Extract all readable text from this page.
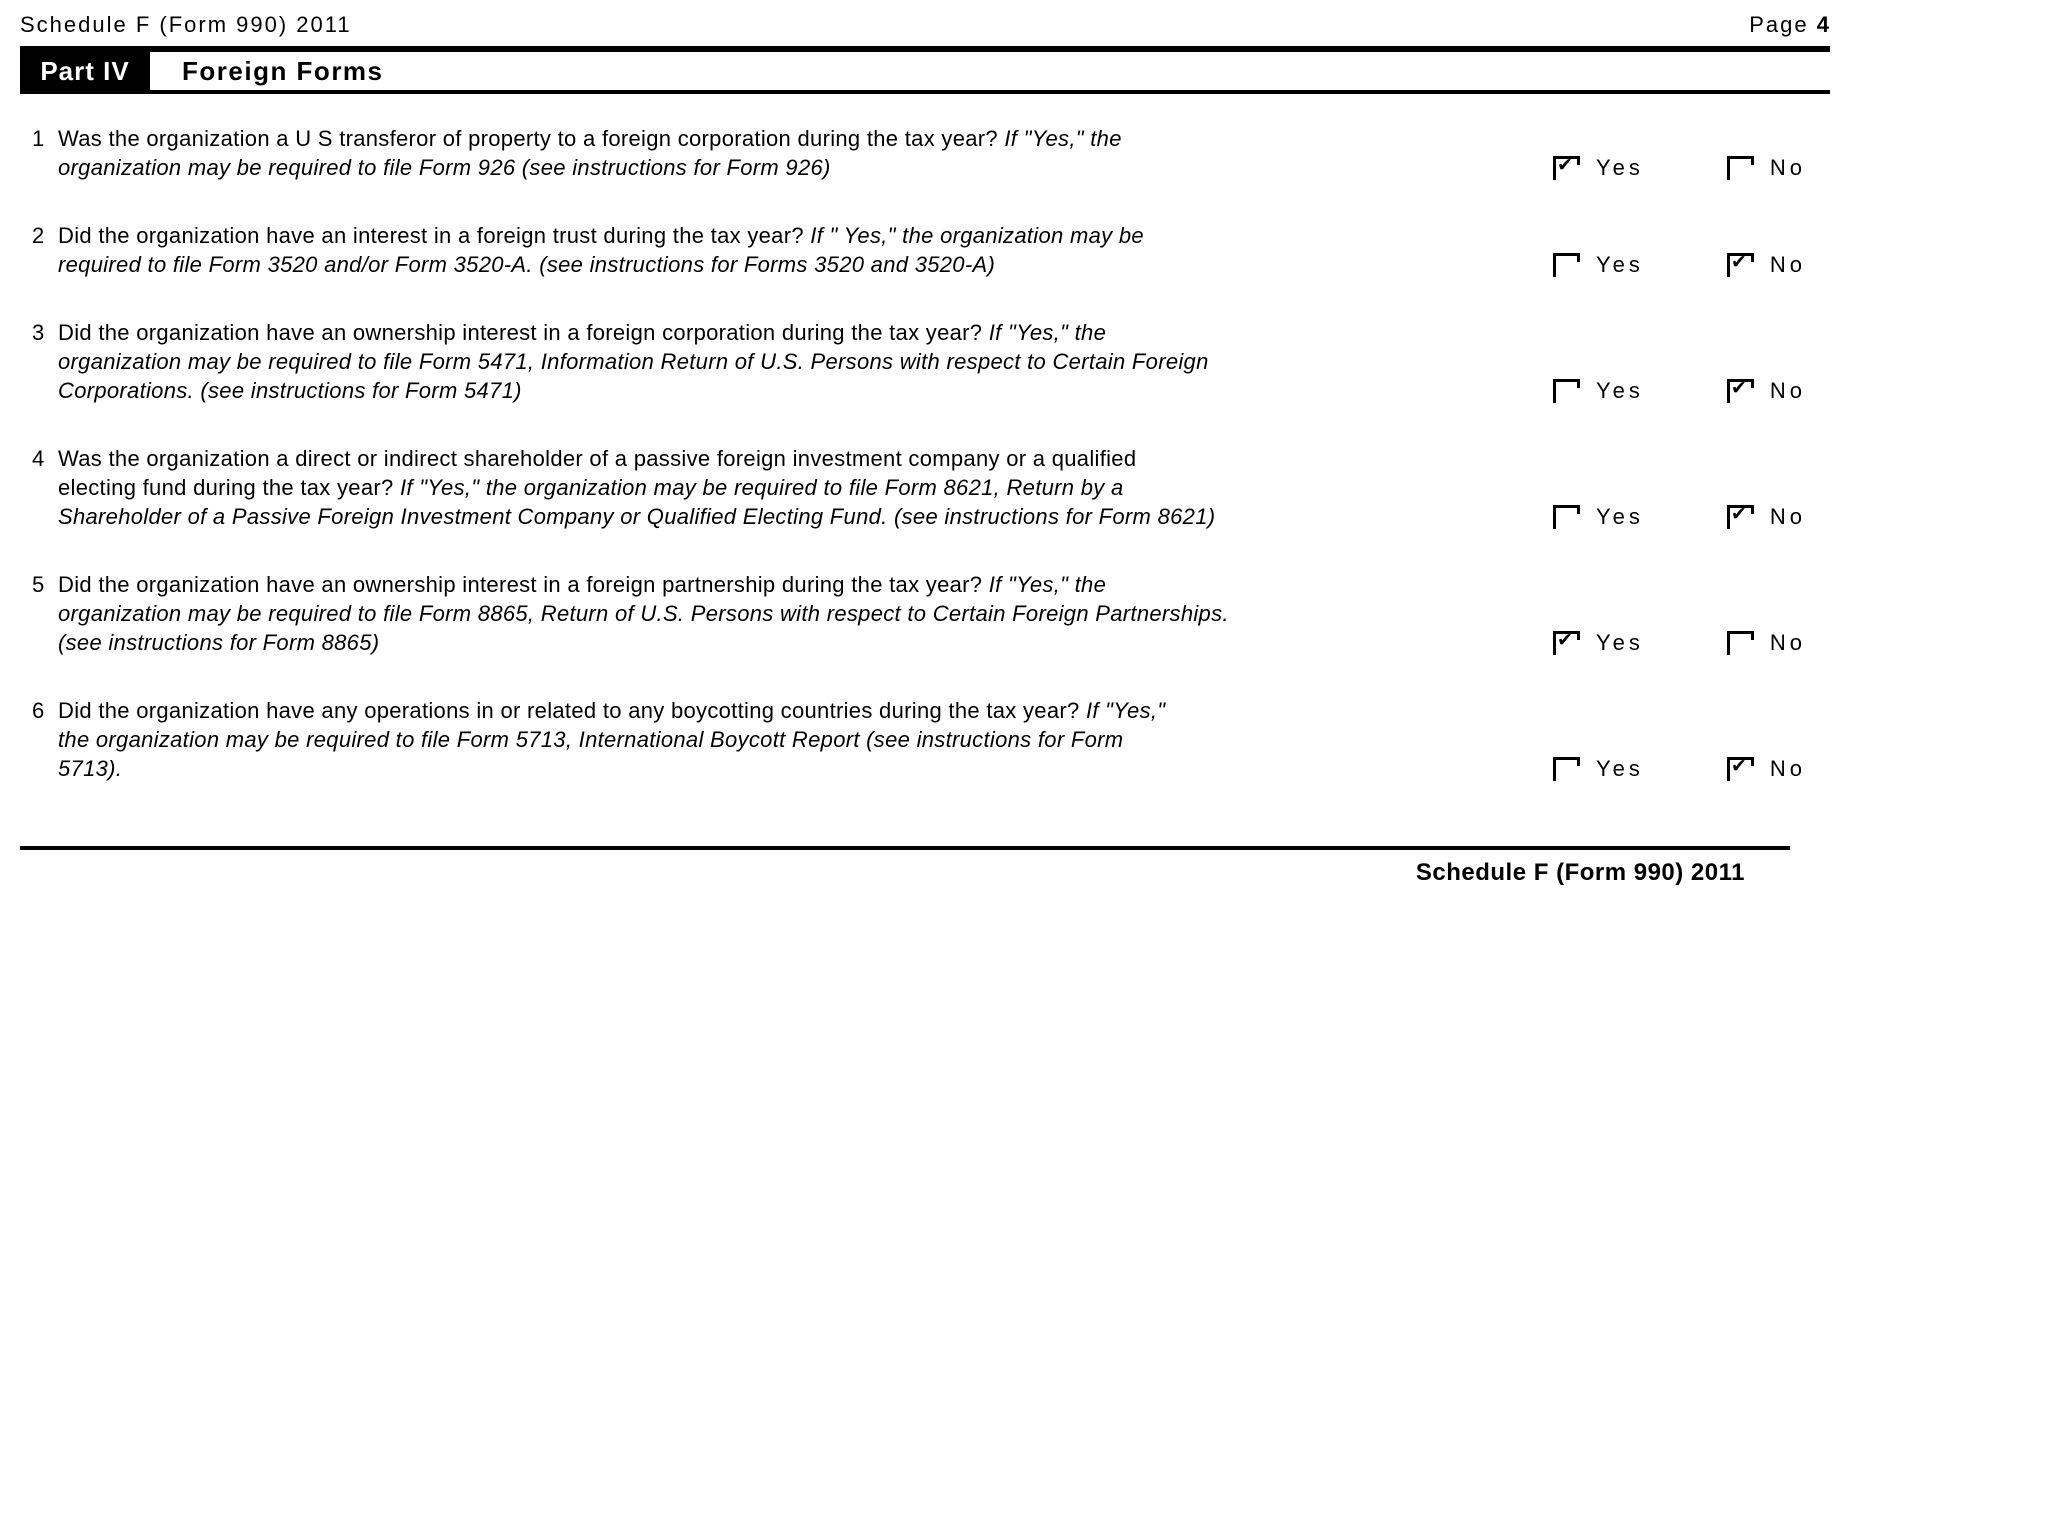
Schedule F (Form 990) 2011	Page 4
Part IV	Foreign Forms
1 Was the organization a U S transferor of property to a foreign corporation during the tax year? If "Yes," the
organization may be required to file Form 926 (see instructions for Form 926)	✔ Yes	No
2 Did the organization have an interest in a foreign trust during the tax year? If " Yes," the organization may be
required to file Form 3520 and/or Form 3520-A. (see instructions for Forms 3520 and 3520-A)	Yes	✔ No
3 Did the organization have an ownership interest in a foreign corporation during the tax year? If "Yes," the
organization may be required to file Form 5471, Information Return of U.S. Persons with respect to Certain Foreign
Corporations. (see instructions for Form 5471)	Yes	✔ No
4 Was the organization a direct or indirect shareholder of a passive foreign investment company or a qualified
electing fund during the tax year? If "Yes," the organization may be required to file Form 8621, Return by a
Shareholder of a Passive Foreign Investment Company or Qualified Electing Fund. (see instructions for Form 8621)	Yes	✔ No
5 Did the organization have an ownership interest in a foreign partnership during the tax year? If "Yes," the
organization may be required to file Form 8865, Return of U.S. Persons with respect to Certain Foreign Partnerships.
(see instructions for Form 8865)	✔ Yes	No
6 Did the organization have any operations in or related to any boycotting countries during the tax year? If "Yes,"
the organization may be required to file Form 5713, International Boycott Report (see instructions for Form
5713).	Yes	✔ No
Schedule F (Form 990) 2011
